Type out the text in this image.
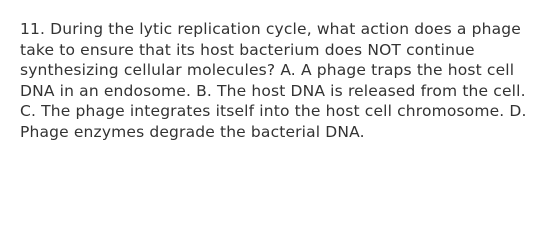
11. During the lytic replication cycle, what action does a phage
take to ensure that its host bacterium does NOT continue
synthesizing cellular molecules? A. A phage traps the host cell
DNA in an endosome. B. The host DNA is released from the cell.
C. The phage integrates itself into the host cell chromosome. D.
Phage enzymes degrade the bacterial DNA.
